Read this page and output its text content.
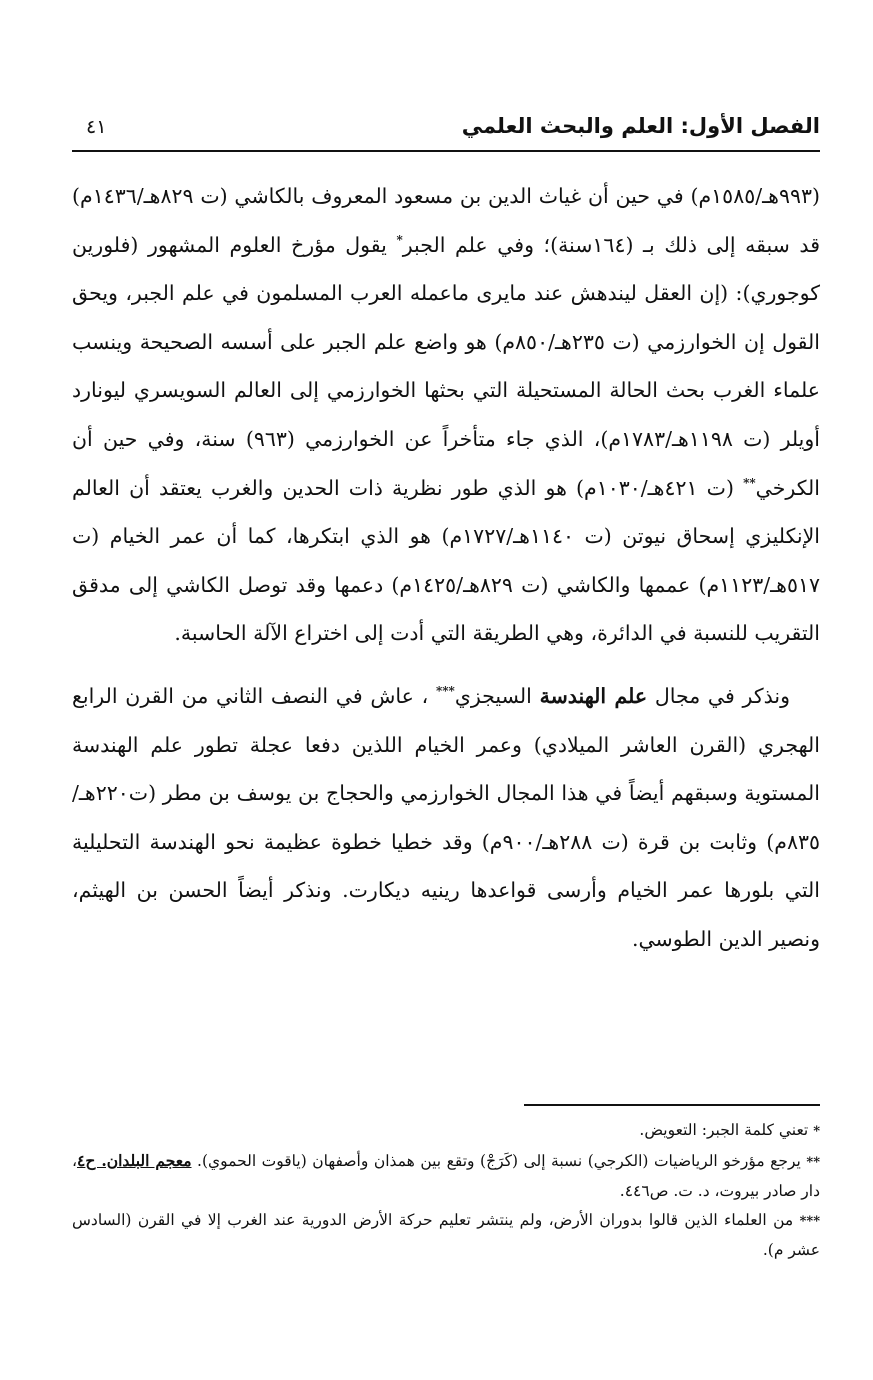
الفصل الأول: العلم والبحث العلمي
٤١

(٩٩٣هـ/١٥٨٥م) في حين أن غياث الدين بن مسعود المعروف بالكاشي (ت ٨٢٩هـ/١٤٣٦م) قد سبقه إلى ذلك بـ (١٦٤سنة)؛ وفي علم الجبر* يقول مؤرخ العلوم المشهور (فلورين كوجوري): (إن العقل ليندهش عند مايرى ماعمله العرب المسلمون في علم الجبر، ويحق القول إن الخوارزمي (ت ٢٣٥هـ/٨٥٠م) هو واضع علم الجبر على أسسه الصحيحة وينسب علماء الغرب بحث الحالة المستحيلة التي بحثها الخوارزمي إلى العالم السويسري ليونارد أويلر (ت ١١٩٨هـ/١٧٨٣م)، الذي جاء متأخراً عن الخوارزمي (٩٦٣) سنة، وفي حين أن الكرخي** (ت ٤٢١هـ/١٠٣٠م) هو الذي طور نظرية ذات الحدين والغرب يعتقد أن العالم الإنكليزي إسحاق نيوتن (ت ١١٤٠هـ/١٧٢٧م) هو الذي ابتكرها، كما أن عمر الخيام (ت ٥١٧هـ/١١٢٣م) عممها والكاشي (ت ٨٢٩هـ/١٤٢٥م) دعمها وقد توصل الكاشي إلى مدقق التقريب للنسبة في الدائرة، وهي الطريقة التي أدت إلى اختراع الآلة الحاسبة.

ونذكر في مجال علم الهندسة السيجزي*** ، عاش في النصف الثاني من القرن الرابع الهجري (القرن العاشر الميلادي) وعمر الخيام اللذين دفعا عجلة تطور علم الهندسة المستوية وسبقهم أيضاً في هذا المجال الخوارزمي والحجاج بن يوسف بن مطر (ت٢٢٠هـ/٨٣٥م) وثابت بن قرة (ت ٢٨٨هـ/٩٠٠م) وقد خطيا خطوة عظيمة نحو الهندسة التحليلية التي بلورها عمر الخيام وأرسى قواعدها رينيه ديكارت. ونذكر أيضاً الحسن بن الهيثم، ونصير الدين الطوسي.

* تعني كلمة الجبر: التعويض.

** يرجع مؤرخو الرياضيات (الكرجي) نسبة إلى (كَرَجْ) وتقع بين همذان وأصفهان (ياقوت الحموي). معجم البلدان. ح٤، دار صادر بيروت، د. ت. ص٤٤٦.

*** من العلماء الذين قالوا بدوران الأرض، ولم ينتشر تعليم حركة الأرض الدورية عند الغرب إلا في القرن (السادس عشر م).
